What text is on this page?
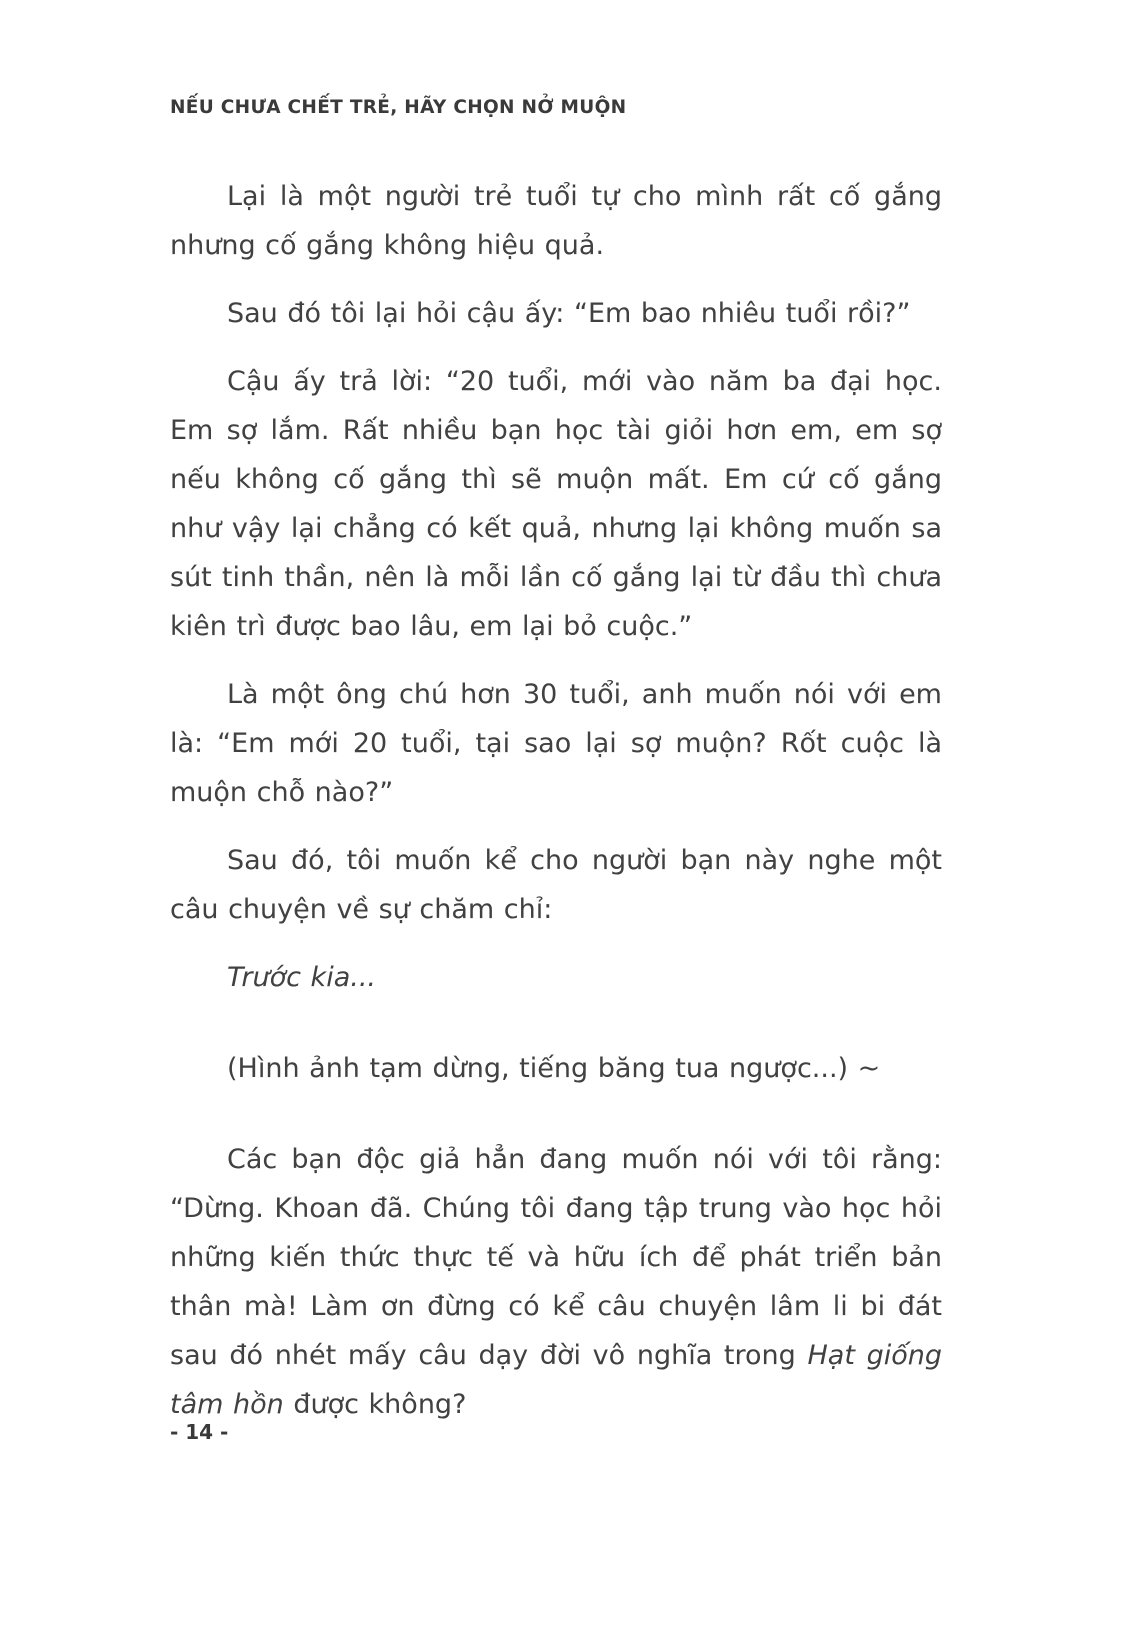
NẾU CHƯA CHẾT TRẺ, HÃY CHỌN NỞ MUỘN

Lại là một người trẻ tuổi tự cho mình rất cố gắng nhưng cố gắng không hiệu quả.

Sau đó tôi lại hỏi cậu ấy: “Em bao nhiêu tuổi rồi?”

Cậu ấy trả lời: “20 tuổi, mới vào năm ba đại học. Em sợ lắm. Rất nhiều bạn học tài giỏi hơn em, em sợ nếu không cố gắng thì sẽ muộn mất. Em cứ cố gắng như vậy lại chẳng có kết quả, nhưng lại không muốn sa sút tinh thần, nên là mỗi lần cố gắng lại từ đầu thì chưa kiên trì được bao lâu, em lại bỏ cuộc.”

Là một ông chú hơn 30 tuổi, anh muốn nói với em là: “Em mới 20 tuổi, tại sao lại sợ muộn? Rốt cuộc là muộn chỗ nào?”

Sau đó, tôi muốn kể cho người bạn này nghe một câu chuyện về sự chăm chỉ:

Trước kia...

(Hình ảnh tạm dừng, tiếng băng tua ngược...) ~

Các bạn độc giả hẳn đang muốn nói với tôi rằng: “Dừng. Khoan đã. Chúng tôi đang tập trung vào học hỏi những kiến thức thực tế và hữu ích để phát triển bản thân mà! Làm ơn đừng có kể câu chuyện lâm li bi đát sau đó nhét mấy câu dạy đời vô nghĩa trong Hạt giống tâm hồn được không?

- 14 -
